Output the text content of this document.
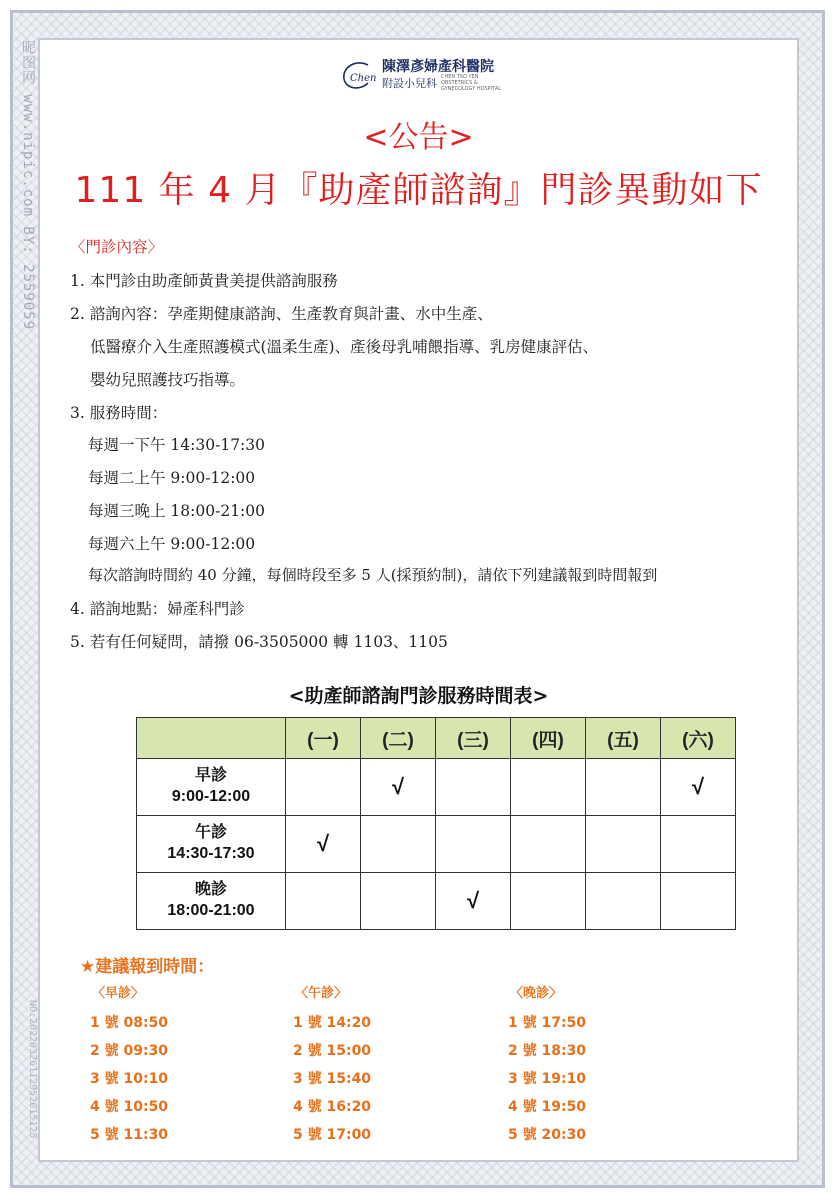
昵图网 www.nipic.com BY: 2559059
NO:20220326112952615125
Chen
陳澤彥婦產科醫院
附設小兒科 CHEN TSO YEN OBSTETRICS & GYNECOLOGY HOSPITAL
<公告>
111 年 4 月『助產師諮詢』門診異動如下
〈門診內容〉
1. 本門診由助產師黃貴美提供諮詢服務
2. 諮詢內容：孕產期健康諮詢、生產教育與計畫、水中生產、
低醫療介入生產照護模式(溫柔生產)、產後母乳哺餵指導、乳房健康評估、
嬰幼兒照護技巧指導。
3. 服務時間：
每週一下午 14:30-17:30
每週二上午 9:00-12:00
每週三晚上 18:00-21:00
每週六上午 9:00-12:00
每次諮詢時間約 40 分鐘，每個時段至多 5 人(採預約制)，請依下列建議報到時間報到
4. 諮詢地點：婦產科門診
5. 若有任何疑問，請撥 06-3505000 轉 1103、1105
<助產師諮詢門診服務時間表>
	(一)	(二)	(三)	(四)	(五)	(六)
早診
9:00-12:00		√				√
午診
14:30-17:30	√					
晚診
18:00-21:00			√			
★建議報到時間：
〈早診〉
1 號 08:50
2 號 09:30
3 號 10:10
4 號 10:50
5 號 11:30
〈午診〉
1 號 14:20
2 號 15:00
3 號 15:40
4 號 16:20
5 號 17:00
〈晚診〉
1 號 17:50
2 號 18:30
3 號 19:10
4 號 19:50
5 號 20:30
